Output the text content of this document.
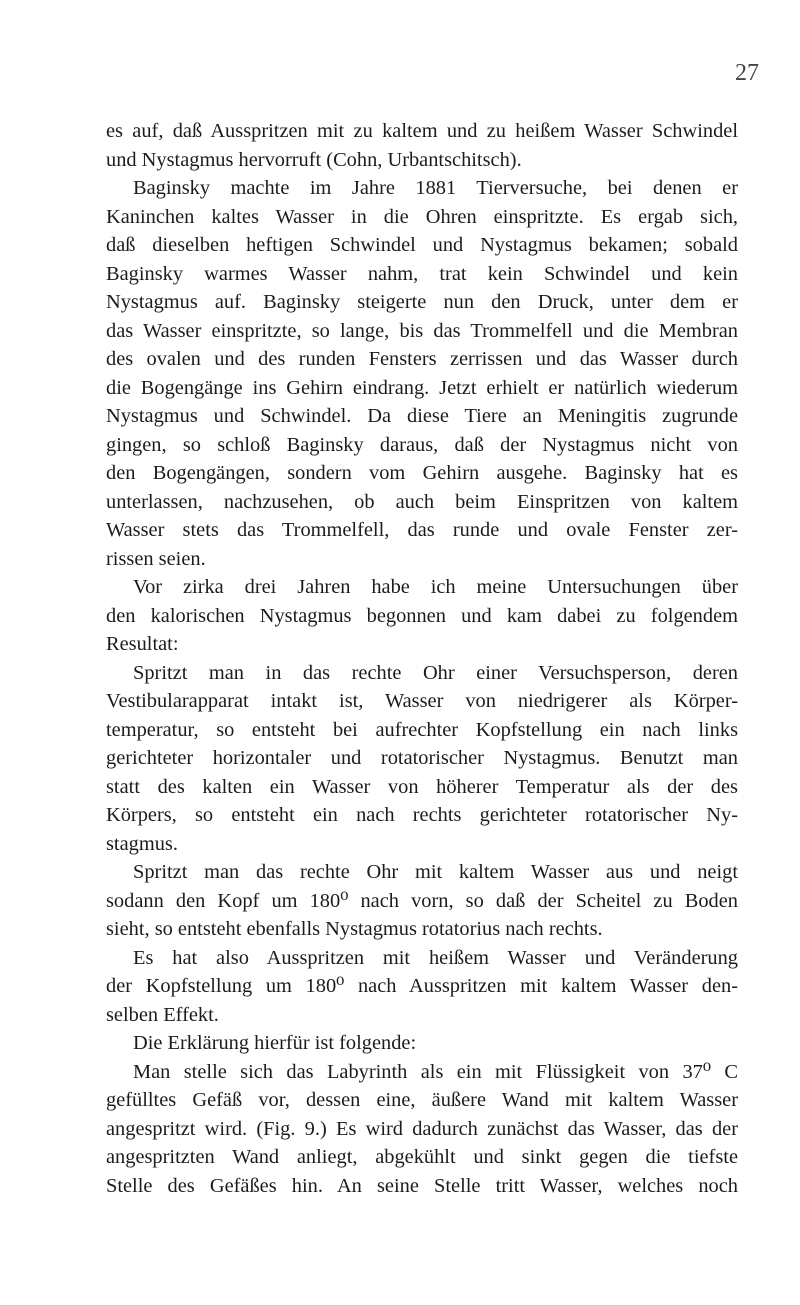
27
es auf, daß Ausspritzen mit zu kaltem und zu heißem Wasser Schwindel
und Nystagmus hervorruft (Cohn, Urbantschitsch).
Baginsky machte im Jahre 1881 Tierversuche, bei denen er
Kaninchen kaltes Wasser in die Ohren einspritzte. Es ergab sich,
daß dieselben heftigen Schwindel und Nystagmus bekamen; sobald
Baginsky warmes Wasser nahm, trat kein Schwindel und kein
Nystagmus auf. Baginsky steigerte nun den Druck, unter dem er
das Wasser einspritzte, so lange, bis das Trommelfell und die Membran
des ovalen und des runden Fensters zerrissen und das Wasser durch
die Bogengänge ins Gehirn eindrang. Jetzt erhielt er natürlich wiederum
Nystagmus und Schwindel. Da diese Tiere an Meningitis zugrunde
gingen, so schloß Baginsky daraus, daß der Nystagmus nicht von
den Bogengängen, sondern vom Gehirn ausgehe. Baginsky hat es
unterlassen, nachzusehen, ob auch beim Einspritzen von kaltem
Wasser stets das Trommelfell, das runde und ovale Fenster zer-
rissen seien.
Vor zirka drei Jahren habe ich meine Untersuchungen über
den kalorischen Nystagmus begonnen und kam dabei zu folgendem
Resultat:
Spritzt man in das rechte Ohr einer Versuchsperson, deren
Vestibularapparat intakt ist, Wasser von niedrigerer als Körper-
temperatur, so entsteht bei aufrechter Kopfstellung ein nach links
gerichteter horizontaler und rotatorischer Nystagmus. Benutzt man
statt des kalten ein Wasser von höherer Temperatur als der des
Körpers, so entsteht ein nach rechts gerichteter rotatorischer Ny-
stagmus.
Spritzt man das rechte Ohr mit kaltem Wasser aus und neigt
sodann den Kopf um 180⁰ nach vorn, so daß der Scheitel zu Boden
sieht, so entsteht ebenfalls Nystagmus rotatorius nach rechts.
Es hat also Ausspritzen mit heißem Wasser und Veränderung
der Kopfstellung um 180⁰ nach Ausspritzen mit kaltem Wasser den-
selben Effekt.
Die Erklärung hierfür ist folgende:
Man stelle sich das Labyrinth als ein mit Flüssigkeit von 37⁰ C
gefülltes Gefäß vor, dessen eine, äußere Wand mit kaltem Wasser
angespritzt wird. (Fig. 9.) Es wird dadurch zunächst das Wasser, das der
angespritzten Wand anliegt, abgekühlt und sinkt gegen die tiefste
Stelle des Gefäßes hin. An seine Stelle tritt Wasser, welches noch
